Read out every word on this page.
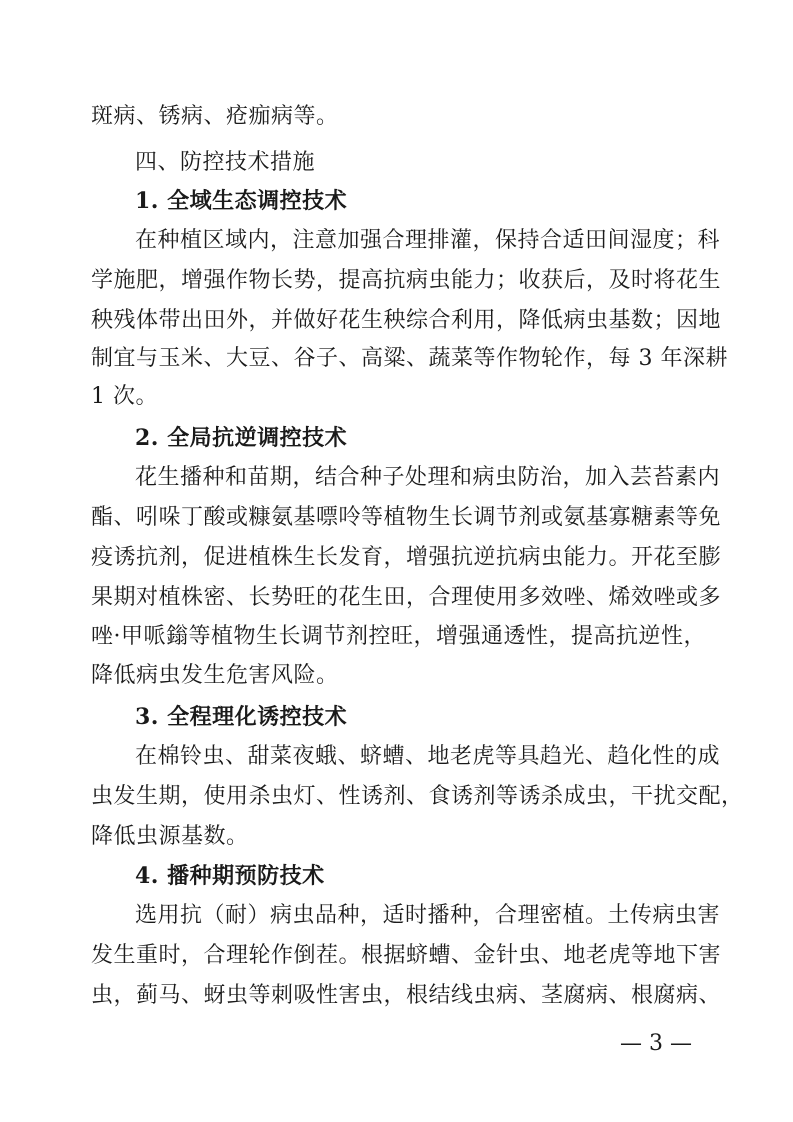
斑病、锈病、疮痂病等。
四、防控技术措施
1. 全域生态调控技术
在种植区域内，注意加强合理排灌，保持合适田间湿度；科
学施肥，增强作物长势，提高抗病虫能力；收获后，及时将花生
秧残体带出田外，并做好花生秧综合利用，降低病虫基数；因地
制宜与玉米、大豆、谷子、高粱、蔬菜等作物轮作，每 3 年深耕
1 次。
2. 全局抗逆调控技术
花生播种和苗期，结合种子处理和病虫防治，加入芸苔素内
酯、吲哚丁酸或糠氨基嘌呤等植物生长调节剂或氨基寡糖素等免
疫诱抗剂，促进植株生长发育，增强抗逆抗病虫能力。开花至膨
果期对植株密、长势旺的花生田，合理使用多效唑、烯效唑或多
唑·甲哌鎓等植物生长调节剂控旺，增强通透性，提高抗逆性，
降低病虫发生危害风险。
3. 全程理化诱控技术
在棉铃虫、甜菜夜蛾、蛴螬、地老虎等具趋光、趋化性的成
虫发生期，使用杀虫灯、性诱剂、食诱剂等诱杀成虫，干扰交配，
降低虫源基数。
4. 播种期预防技术
选用抗（耐）病虫品种，适时播种，合理密植。土传病虫害
发生重时，合理轮作倒茬。根据蛴螬、金针虫、地老虎等地下害
虫，蓟马、蚜虫等刺吸性害虫，根结线虫病、茎腐病、根腐病、
— 3 —
